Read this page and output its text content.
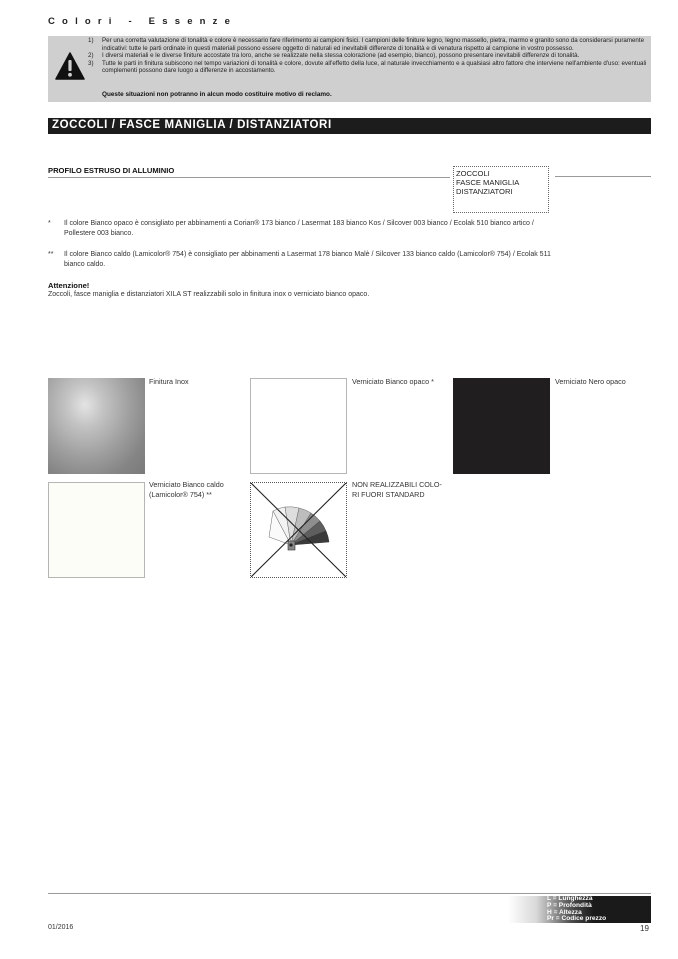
Colori - Essenze
1) Per una corretta valutazione di tonalità e colore è necessario fare riferimento ai campioni fisici. I campioni delle finiture legno, legno massello, pietra, marmo e granito sono da considerarsi puramente indicativi: tutte le parti ordinate in questi materiali possono essere oggetto di naturali ed inevitabili differenze di tonalità e di venatura rispetto al campione in vostro possesso.
2) I diversi materiali e le diverse finiture accostate tra loro, anche se realizzate nella stessa colorazione (ad esempio, bianco), possono presentare inevitabili differenze di tonalità.
3) Tutte le parti in finitura subiscono nel tempo variazioni di tonalità e colore, dovute all'effetto della luce, al naturale invecchiamento e a qualsiasi altro fattore che interviene nell'ambiente d'uso: eventuali complementi possono dare luogo a differenze in accostamento.
Queste situazioni non potranno in alcun modo costituire motivo di reclamo.
ZOCCOLI / FASCE MANIGLIA / DISTANZIATORI
PROFILO ESTRUSO DI ALLUMINIO	ZOCCOLI
FASCE MANIGLIA
DISTANZIATORI
* Il colore Bianco opaco è consigliato per abbinamenti a Corian® 173 bianco / Lasermat 183 bianco Kos / Silcover 003 bianco / Ecolak 510 bianco artico / Pollestere 003 bianco.
** Il colore Bianco caldo (Lamicolor® 754) è consigliato per abbinamenti a Lasermat 178 bianco Malè / Silcover 133 bianco caldo (Lamicolor® 754) / Ecolak 511 bianco caldo.
Attenzione!
Zoccoli, fasce maniglia e distanziatori XILA ST realizzabili solo in finitura inox o verniciato bianco opaco.
Finitura Inox	Verniciato Bianco opaco *	Verniciato Nero opaco
Verniciato Bianco caldo
(Lamicolor® 754) **
NON REALIZZABILI COLO-
RI FUORI STANDARD
L = Lunghezza
P = Profondità
H = Altezza
Pr = Codice prezzo
01/2016	19
